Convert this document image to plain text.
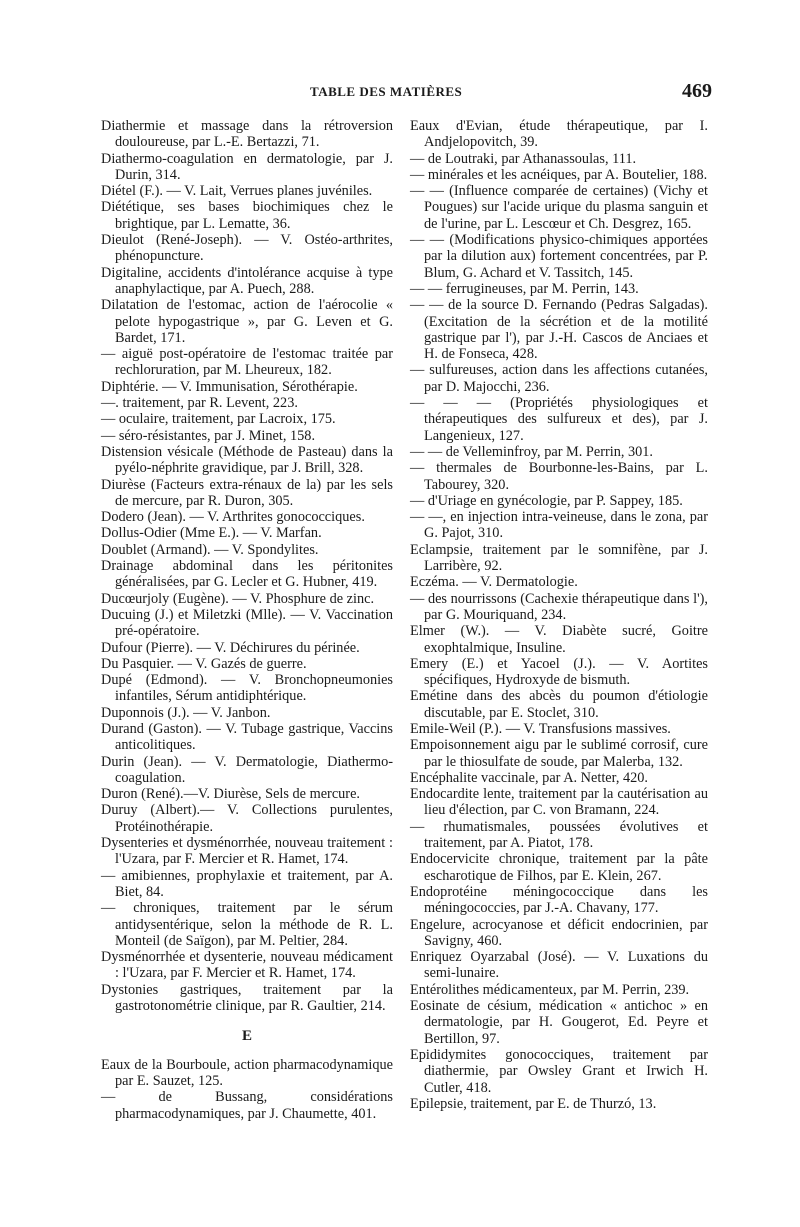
TABLE DES MATIÈRES	469

Diathermie et massage dans la rétroversion douloureuse, par L.-E. Bertazzi, 71.

Diathermo-coagulation en dermatologie, par J. Durin, 314.

Diétel (F.). — V. Lait, Verrues planes juvéniles.

Diététique, ses bases biochimiques chez le brightique, par L. Lematte, 36.

Dieulot (René-Joseph). — V. Ostéo-arthrites, phénopuncture.

Digitaline, accidents d'intolérance acquise à type anaphylactique, par A. Puech, 288.

Dilatation de l'estomac, action de l'aérocolie « pelote hypogastrique », par G. Leven et G. Bardet, 171.

— aiguë post-opératoire de l'estomac traitée par rechloruration, par M. Lheureux, 182.

Diphtérie. — V. Immunisation, Sérothérapie.

—. traitement, par R. Levent, 223.

— oculaire, traitement, par Lacroix, 175.

— séro-résistantes, par J. Minet, 158.

Distension vésicale (Méthode de Pasteau) dans la pyélo-néphrite gravidique, par J. Brill, 328.

Diurèse (Facteurs extra-rénaux de la) par les sels de mercure, par R. Duron, 305.

Dodero (Jean). — V. Arthrites gonococciques.

Dollus-Odier (Mme E.). — V. Marfan.

Doublet (Armand). — V. Spondylites.

Drainage abdominal dans les péritonites généralisées, par G. Lecler et G. Hubner, 419.

Ducœurjoly (Eugène). — V. Phosphure de zinc.

Ducuing (J.) et Miletzki (Mlle). — V. Vaccination pré-opératoire.

Dufour (Pierre). — V. Déchirures du périnée.

Du Pasquier. — V. Gazés de guerre.

Dupé (Edmond). — V. Bronchopneumonies infantiles, Sérum antidiphtérique.

Duponnois (J.). — V. Janbon.

Durand (Gaston). — V. Tubage gastrique, Vaccins anticolitiques.

Durin (Jean). — V. Dermatologie, Diathermo-coagulation.

Duron (René).—V. Diurèse, Sels de mercure.

Duruy (Albert).— V. Collections purulentes, Protéinothérapie.

Dysenteries et dysménorrhée, nouveau traitement : l'Uzara, par F. Mercier et R. Hamet, 174.

— amibiennes, prophylaxie et traitement, par A. Biet, 84.

— chroniques, traitement par le sérum antidysentérique, selon la méthode de R. L. Monteil (de Saïgon), par M. Peltier, 284.

Dysménorrhée et dysenterie, nouveau médicament : l'Uzara, par F. Mercier et R. Hamet, 174.

Dystonies gastriques, traitement par la gastrotonométrie clinique, par R. Gaultier, 214.

E

Eaux de la Bourboule, action pharmacodynamique par E. Sauzet, 125.

— de Bussang, considérations pharmacodynamiques, par J. Chaumette, 401.

Eaux d'Evian, étude thérapeutique, par I. Andjelopovitch, 39.

— de Loutraki, par Athanassoulas, 111.

— minérales et les acnéiques, par A. Boutelier, 188.

— — (Influence comparée de certaines) (Vichy et Pougues) sur l'acide urique du plasma sanguin et de l'urine, par L. Lescœur et Ch. Desgrez, 165.

— — (Modifications physico-chimiques apportées par la dilution aux) fortement concentrées, par P. Blum, G. Achard et V. Tassitch, 145.

— — ferrugineuses, par M. Perrin, 143.

— — de la source D. Fernando (Pedras Salgadas). (Excitation de la sécrétion et de la motilité gastrique par l'), par J.-H. Cascos de Anciaes et H. de Fonseca, 428.

— sulfureuses, action dans les affections cutanées, par D. Majocchi, 236.

— — — (Propriétés physiologiques et thérapeutiques des sulfureux et des), par J. Langenieux, 127.

— — de Velleminfroy, par M. Perrin, 301.

— thermales de Bourbonne-les-Bains, par L. Tabourey, 320.

— d'Uriage en gynécologie, par P. Sappey, 185.

— —, en injection intra-veineuse, dans le zona, par G. Pajot, 310.

Eclampsie, traitement par le somnifène, par J. Larribère, 92.

Eczéma. — V. Dermatologie.

— des nourrissons (Cachexie thérapeutique dans l'), par G. Mouriquand, 234.

Elmer (W.). — V. Diabète sucré, Goitre exophtalmique, Insuline.

Emery (E.) et Yacoel (J.). — V. Aortites spécifiques, Hydroxyde de bismuth.

Emétine dans des abcès du poumon d'étiologie discutable, par E. Stoclet, 310.

Emile-Weil (P.). — V. Transfusions massives.

Empoisonnement aigu par le sublimé corrosif, cure par le thiosulfate de soude, par Malerba, 132.

Encéphalite vaccinale, par A. Netter, 420.

Endocardite lente, traitement par la cautérisation au lieu d'élection, par C. von Bramann, 224.

— rhumatismales, poussées évolutives et traitement, par A. Piatot, 178.

Endocervicite chronique, traitement par la pâte escharotique de Filhos, par E. Klein, 267.

Endoprotéine méningococcique dans les méningococcies, par J.-A. Chavany, 177.

Engelure, acrocyanose et déficit endocrinien, par Savigny, 460.

Enriquez Oyarzabal (José). — V. Luxations du semi-lunaire.

Entérolithes médicamenteux, par M. Perrin, 239.

Eosinate de césium, médication « antichoc » en dermatologie, par H. Gougerot, Ed. Peyre et Bertillon, 97.

Epididymites gonococciques, traitement par diathermie, par Owsley Grant et Irwich H. Cutler, 418.

Epilepsie, traitement, par E. de Thurzó, 13.
